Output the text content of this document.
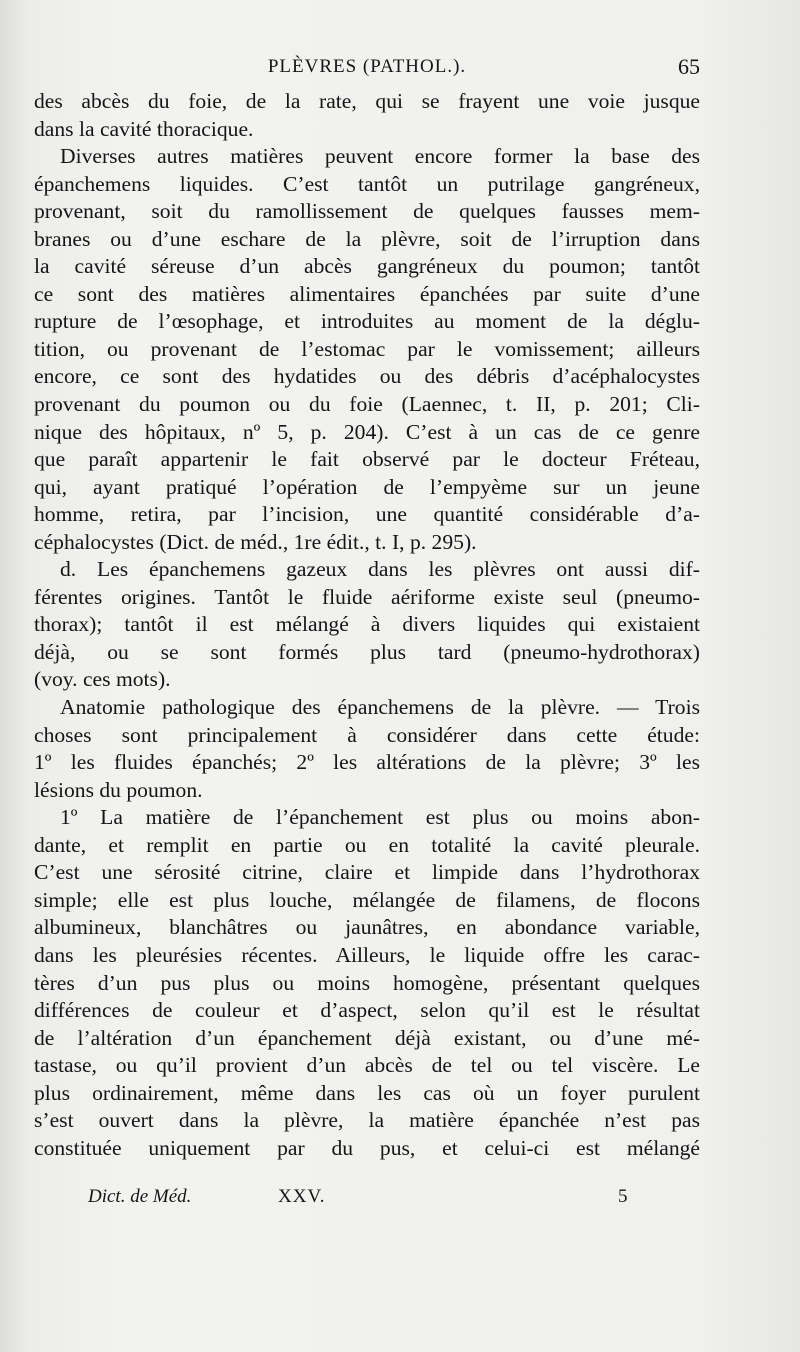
PLÈVRES (PATHOL.).	65
des abcès du foie, de la rate, qui se frayent une voie jusque
dans la cavité thoracique.
Diverses autres matières peuvent encore former la base des
épanchemens liquides. C’est tantôt un putrilage gangréneux,
provenant, soit du ramollissement de quelques fausses mem-
branes ou d’une eschare de la plèvre, soit de l’irruption dans
la cavité séreuse d’un abcès gangréneux du poumon; tantôt
ce sont des matières alimentaires épanchées par suite d’une
rupture de l’œsophage, et introduites au moment de la déglu-
tition, ou provenant de l’estomac par le vomissement; ailleurs
encore, ce sont des hydatides ou des débris d’acéphalocystes
provenant du poumon ou du foie (Laennec, t. II, p. 201; Cli-
nique des hôpitaux, nº 5, p. 204). C’est à un cas de ce genre
que paraît appartenir le fait observé par le docteur Fréteau,
qui, ayant pratiqué l’opération de l’empyème sur un jeune
homme, retira, par l’incision, une quantité considérable d’a-
céphalocystes (Dict. de méd., 1re édit., t. I, p. 295).
d. Les épanchemens gazeux dans les plèvres ont aussi dif-
férentes origines. Tantôt le fluide aériforme existe seul (pneumo-
thorax); tantôt il est mélangé à divers liquides qui existaient
déjà, ou se sont formés plus tard (pneumo-hydrothorax)
(voy. ces mots).
Anatomie pathologique des épanchemens de la plèvre. — Trois
choses sont principalement à considérer dans cette étude:
1º les fluides épanchés; 2º les altérations de la plèvre; 3º les
lésions du poumon.
1º La matière de l’épanchement est plus ou moins abon-
dante, et remplit en partie ou en totalité la cavité pleurale.
C’est une sérosité citrine, claire et limpide dans l’hydrothorax
simple; elle est plus louche, mélangée de filamens, de flocons
albumineux, blanchâtres ou jaunâtres, en abondance variable,
dans les pleurésies récentes. Ailleurs, le liquide offre les carac-
tères d’un pus plus ou moins homogène, présentant quelques
différences de couleur et d’aspect, selon qu’il est le résultat
de l’altération d’un épanchement déjà existant, ou d’une mé-
tastase, ou qu’il provient d’un abcès de tel ou tel viscère. Le
plus ordinairement, même dans les cas où un foyer purulent
s’est ouvert dans la plèvre, la matière épanchée n’est pas
constituée uniquement par du pus, et celui-ci est mélangé
Dict. de Méd.	XXV.	5
